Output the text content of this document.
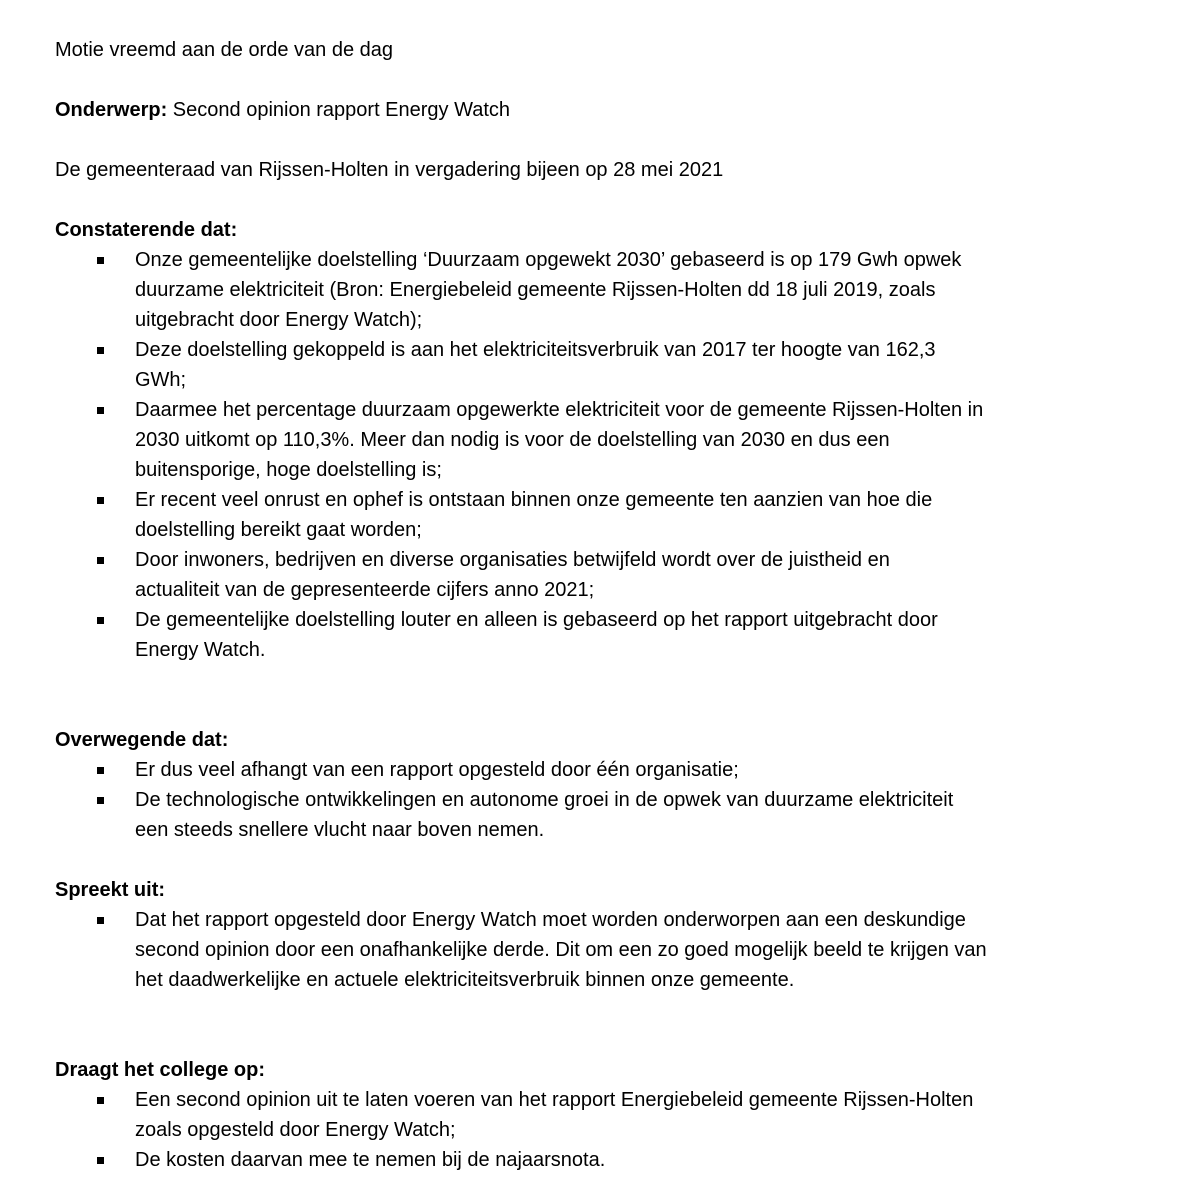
Motie vreemd aan de orde van de dag

Onderwerp: Second opinion rapport Energy Watch

De gemeenteraad van Rijssen-Holten in vergadering bijeen op 28 mei 2021

Constaterende dat:

Onze gemeentelijke doelstelling ‘Duurzaam opgewekt 2030’ gebaseerd is op 179 Gwh opwek
duurzame elektriciteit (Bron: Energiebeleid gemeente Rijssen-Holten dd 18 juli 2019, zoals
uitgebracht door Energy Watch);
Deze doelstelling gekoppeld is aan het elektriciteitsverbruik van 2017 ter hoogte van 162,3
GWh;
Daarmee het percentage duurzaam opgewerkte elektriciteit voor de gemeente Rijssen-Holten in
2030 uitkomt op 110,3%. Meer dan nodig is voor de doelstelling van 2030 en dus een
buitensporige, hoge doelstelling is;
Er recent veel onrust en ophef is ontstaan binnen onze gemeente ten aanzien van hoe die
doelstelling bereikt gaat worden;
Door inwoners, bedrijven en diverse organisaties betwijfeld wordt over de juistheid en
actualiteit van de gepresenteerde cijfers anno 2021;
De gemeentelijke doelstelling louter en alleen is gebaseerd op het rapport uitgebracht door
Energy Watch.

Overwegende dat:

Er dus veel afhangt van een rapport opgesteld door één organisatie;
De technologische ontwikkelingen en autonome groei in de opwek van duurzame elektriciteit
een steeds snellere vlucht naar boven nemen.

Spreekt uit:

Dat het rapport opgesteld door Energy Watch moet worden onderworpen aan een deskundige
second opinion door een onafhankelijke derde. Dit om een zo goed mogelijk beeld te krijgen van
het daadwerkelijke en actuele elektriciteitsverbruik binnen onze gemeente.

Draagt het college op:

Een second opinion uit te laten voeren van het rapport Energiebeleid gemeente Rijssen-Holten
zoals opgesteld door Energy Watch;
De kosten daarvan mee te nemen bij de najaarsnota.
